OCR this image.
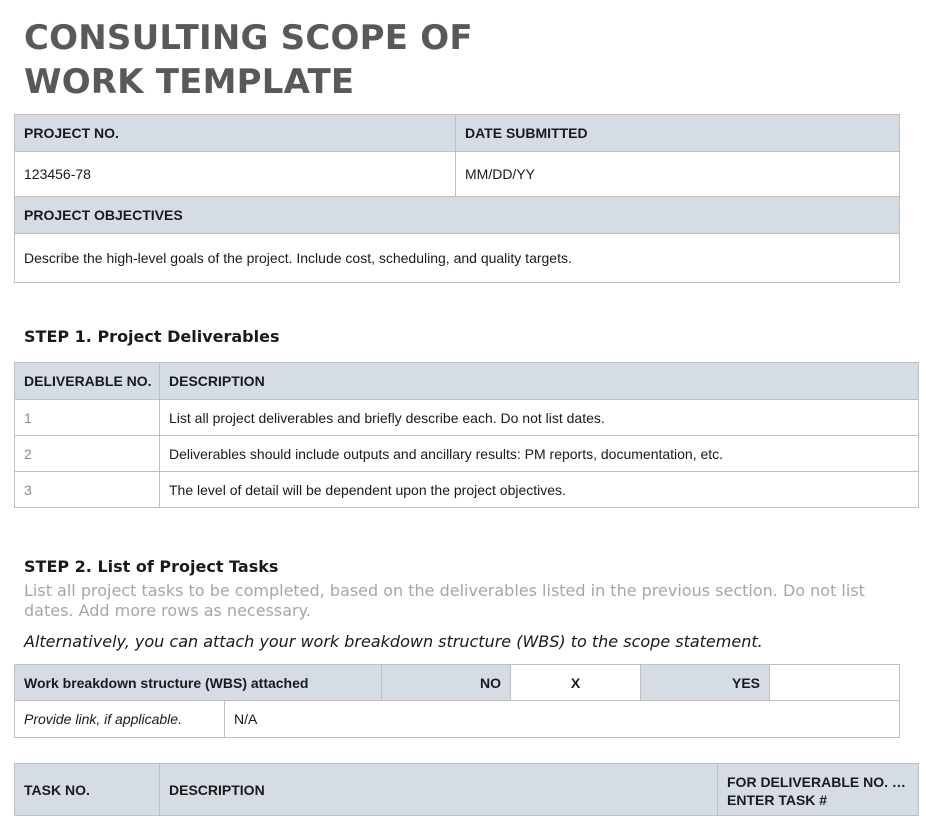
CONSULTING SCOPE OF
WORK TEMPLATE
PROJECT NO.	DATE SUBMITTED
123456-78	MM/DD/YY
PROJECT OBJECTIVES	
Describe the high-level goals of the project. Include cost, scheduling, and quality targets.	
STEP 1. Project Deliverables
DELIVERABLE NO.	DESCRIPTION
1	List all project deliverables and briefly describe each. Do not list dates.
2	Deliverables should include outputs and ancillary results: PM reports, documentation, etc.
3	The level of detail will be dependent upon the project objectives.
STEP 2. List of Project Tasks

List all project tasks to be completed, based on the deliverables listed in the previous section. Do not list dates. Add more rows as necessary.

Alternatively, you can attach your work breakdown structure (WBS) to the scope statement.

Work breakdown structure (WBS) attached		NO	X	YES	
Provide link, if applicable.	N/A				
TASK NO.	DESCRIPTION	FOR DELIVERABLE NO. … ENTER TASK #
